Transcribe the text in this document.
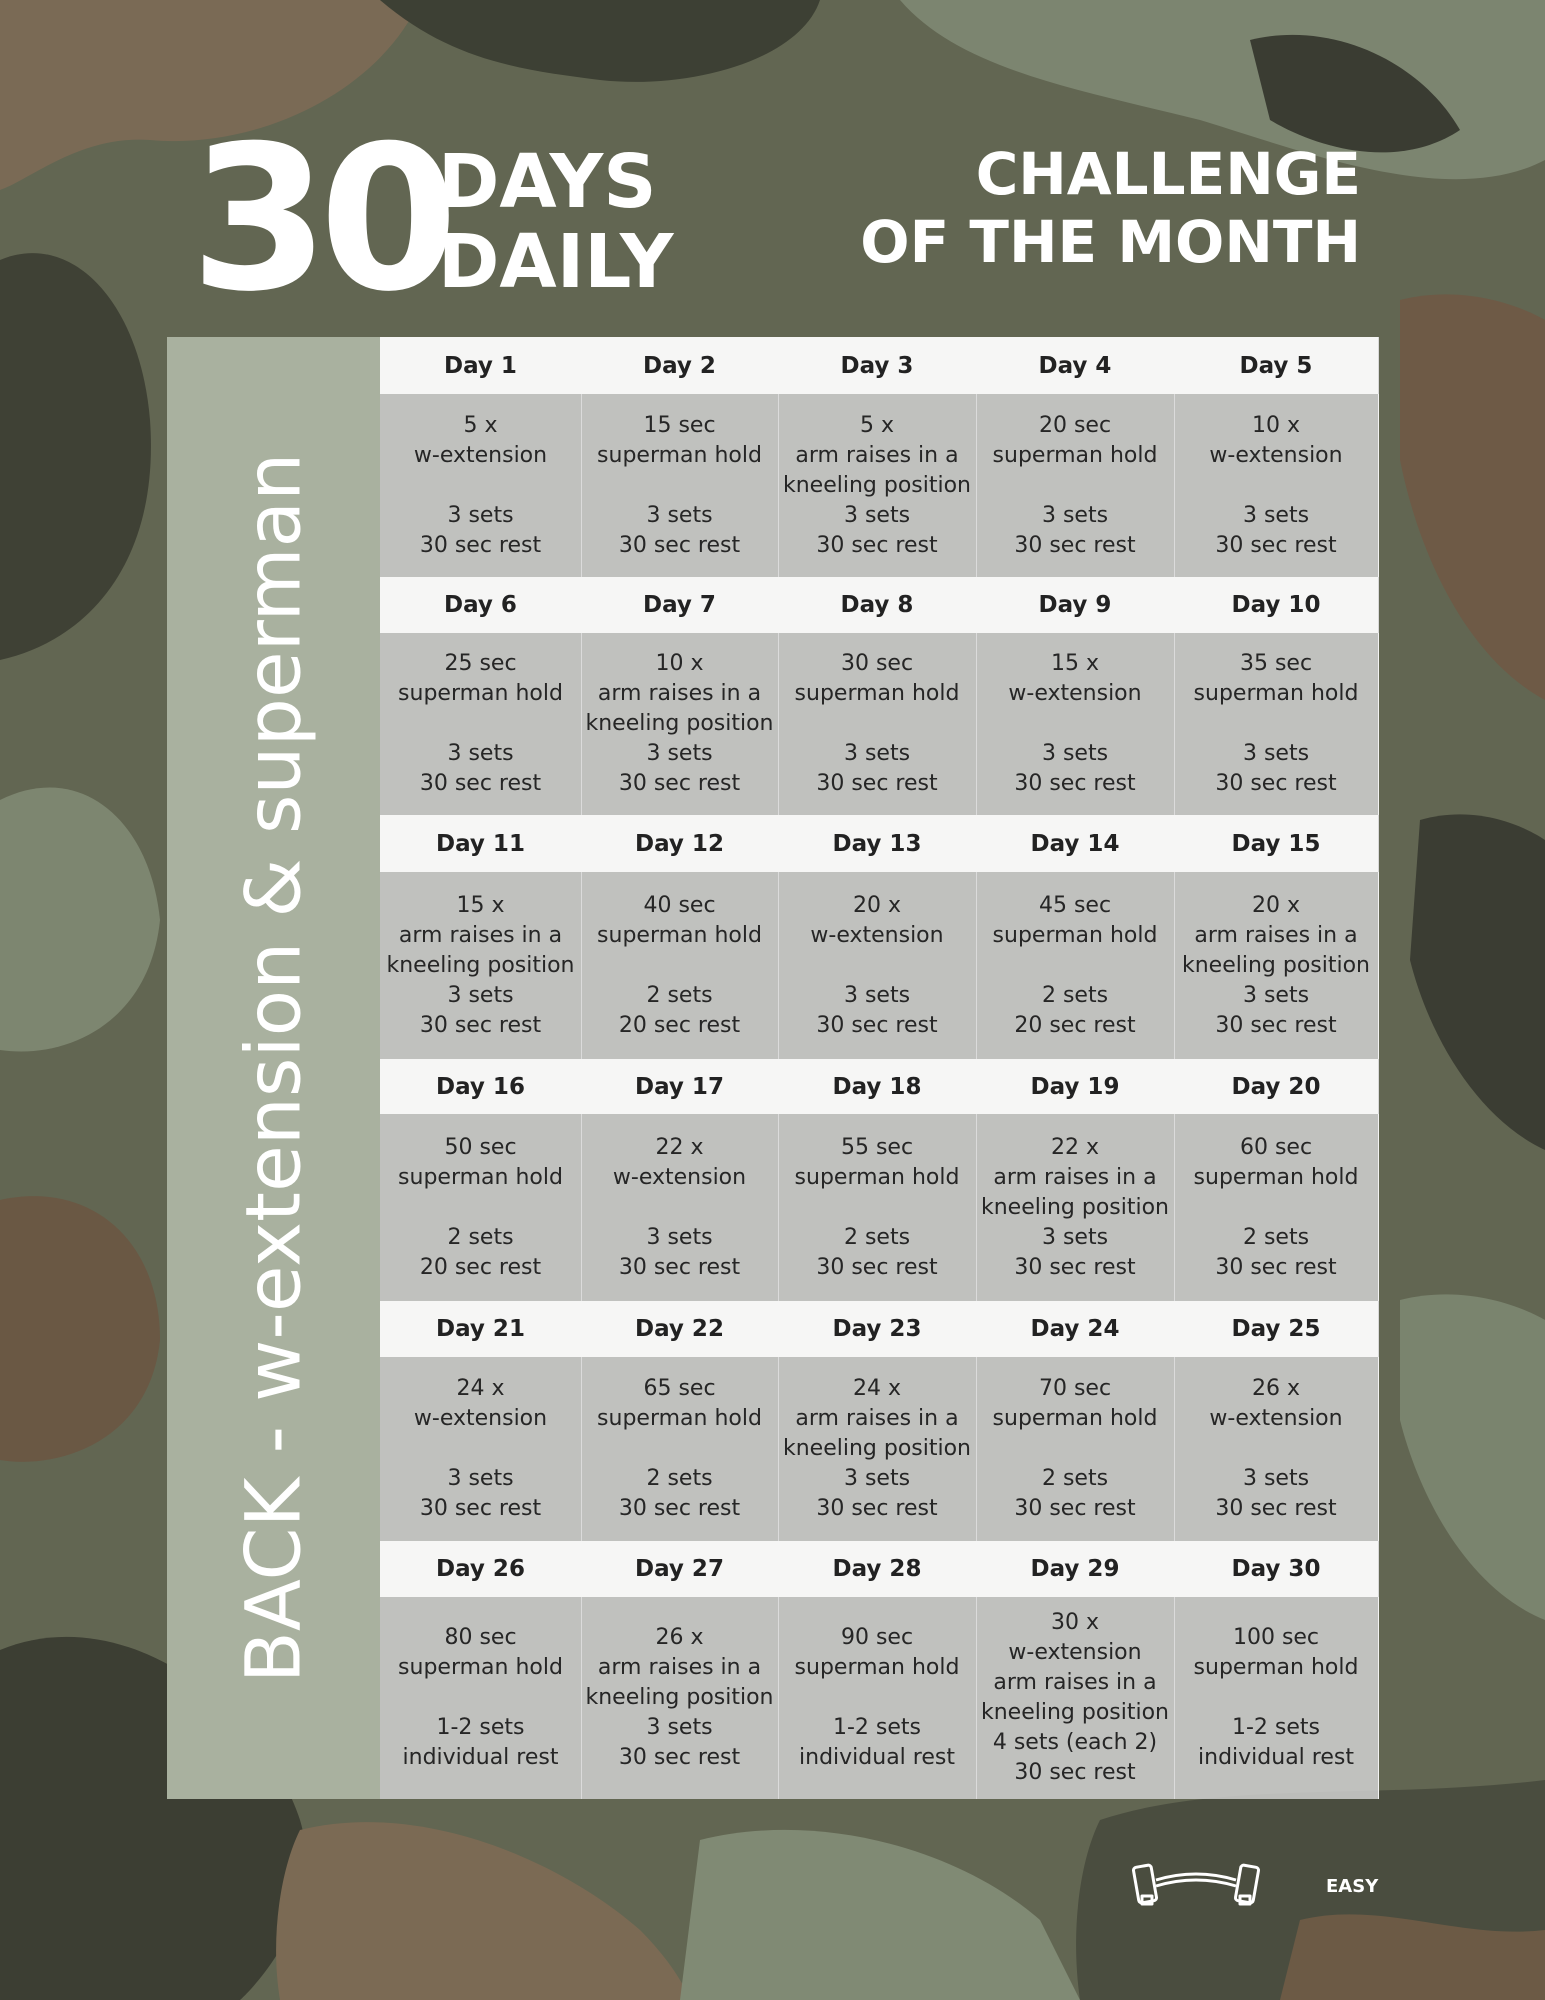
30
DAYS
DAILY
CHALLENGE
OF THE MONTH
BACK - w-extension & superman
Day 1
5 x
w-extension
3 sets
30 sec rest
Day 2
15 sec
superman hold
3 sets
30 sec rest
Day 3
5 x
arm raises in a
kneeling position
3 sets
30 sec rest
Day 4
20 sec
superman hold
3 sets
30 sec rest
Day 5
10 x
w-extension
3 sets
30 sec rest
Day 6
25 sec
superman hold
3 sets
30 sec rest
Day 7
10 x
arm raises in a
kneeling position
3 sets
30 sec rest
Day 8
30 sec
superman hold
3 sets
30 sec rest
Day 9
15 x
w-extension
3 sets
30 sec rest
Day 10
35 sec
superman hold
3 sets
30 sec rest
Day 11
15 x
arm raises in a
kneeling position
3 sets
30 sec rest
Day 12
40 sec
superman hold
2 sets
20 sec rest
Day 13
20 x
w-extension
3 sets
30 sec rest
Day 14
45 sec
superman hold
2 sets
20 sec rest
Day 15
20 x
arm raises in a
kneeling position
3 sets
30 sec rest
Day 16
50 sec
superman hold
2 sets
20 sec rest
Day 17
22 x
w-extension
3 sets
30 sec rest
Day 18
55 sec
superman hold
2 sets
30 sec rest
Day 19
22 x
arm raises in a
kneeling position
3 sets
30 sec rest
Day 20
60 sec
superman hold
2 sets
30 sec rest
Day 21
24 x
w-extension
3 sets
30 sec rest
Day 22
65 sec
superman hold
2 sets
30 sec rest
Day 23
24 x
arm raises in a
kneeling position
3 sets
30 sec rest
Day 24
70 sec
superman hold
2 sets
30 sec rest
Day 25
26 x
w-extension
3 sets
30 sec rest
Day 26
80 sec
superman hold
1-2 sets
individual rest
Day 27
26 x
arm raises in a
kneeling position
3 sets
30 sec rest
Day 28
90 sec
superman hold
1-2 sets
individual rest
Day 29
30 x
w-extension
arm raises in a
kneeling position
4 sets (each 2)
30 sec rest
Day 30
100 sec
superman hold
1-2 sets
individual rest
EASY
